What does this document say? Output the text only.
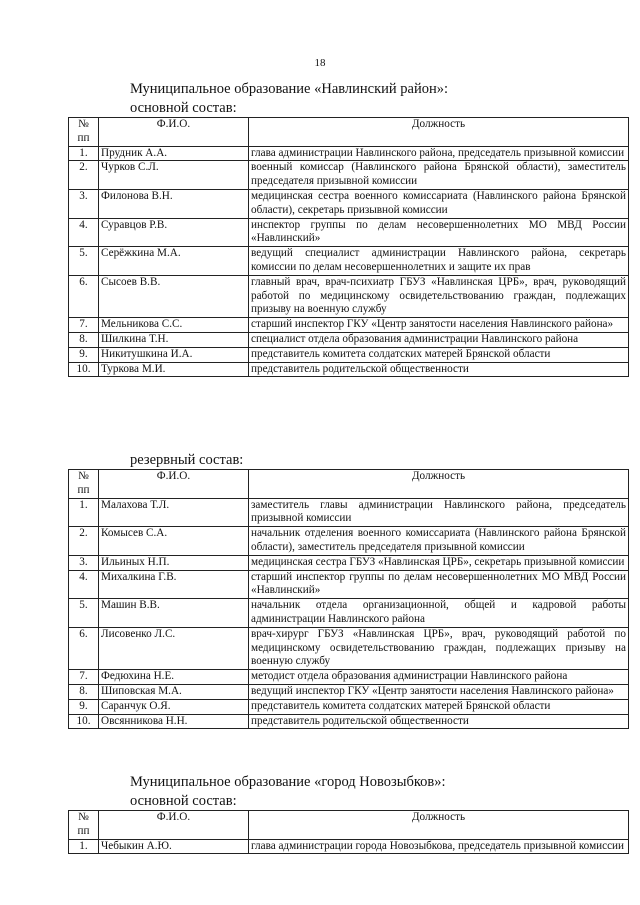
18
Муниципальное образование «Навлинский район»:
основной состав:
№ пп	Ф.И.О.	Должность
1.	Прудник А.А.	глава администрации Навлинского района, председатель призывной комиссии
2.	Чурков С.Л.	военный комиссар (Навлинского района Брянской области), заместитель председателя призывной комиссии
3.	Филонова В.Н.	медицинская сестра военного комиссариата (Навлинского района Брянской области), секретарь призывной комиссии
4.	Суравцов Р.В.	инспектор группы по делам несовершеннолетних МО МВД России «Навлинский»
5.	Серёжкина М.А.	ведущий специалист администрации Навлинского района, секретарь комиссии по делам несовершеннолетних и защите их прав
6.	Сысоев В.В.	главный врач, врач-психиатр ГБУЗ «Навлинская ЦРБ», врач, руководящий работой по медицинскому освидетельствованию граждан, подлежащих призыву на военную службу
7.	Мельникова С.С.	старший инспектор ГКУ «Центр занятости населения Навлинского района»
8.	Шилкина Т.Н.	специалист отдела образования администрации Навлинского района
9.	Никитушкина И.А.	представитель комитета солдатских матерей Брянской области
10.	Туркова М.И.	представитель родительской общественности
резервный состав:
№ пп	Ф.И.О.	Должность
1.	Малахова Т.Л.	заместитель главы администрации Навлинского района, председатель призывной комиссии
2.	Комысев С.А.	начальник отделения военного комиссариата (Навлинского района Брянской области), заместитель председателя призывной комиссии
3.	Ильиных Н.П.	медицинская сестра ГБУЗ «Навлинская ЦРБ», секретарь призывной комиссии
4.	Михалкина Г.В.	старший инспектор группы по делам несовершеннолетних МО МВД России «Навлинский»
5.	Машин В.В.	начальник отдела организационной, общей и кадровой работы администрации Навлинского района
6.	Лисовенко Л.С.	врач-хирург ГБУЗ «Навлинская ЦРБ», врач, руководящий работой по медицинскому освидетельствованию граждан, подлежащих призыву на военную службу
7.	Федюхина Н.Е.	методист отдела образования администрации Навлинского района
8.	Шиповская М.А.	ведущий инспектор ГКУ «Центр занятости населения Навлинского района»
9.	Саранчук О.Я.	представитель комитета солдатских матерей Брянской области
10.	Овсянникова Н.Н.	представитель родительской общественности
Муниципальное образование «город Новозыбков»:
основной состав:
№ пп	Ф.И.О.	Должность
1.	Чебыкин А.Ю.	глава администрации города Новозыбкова, председатель призывной комиссии
